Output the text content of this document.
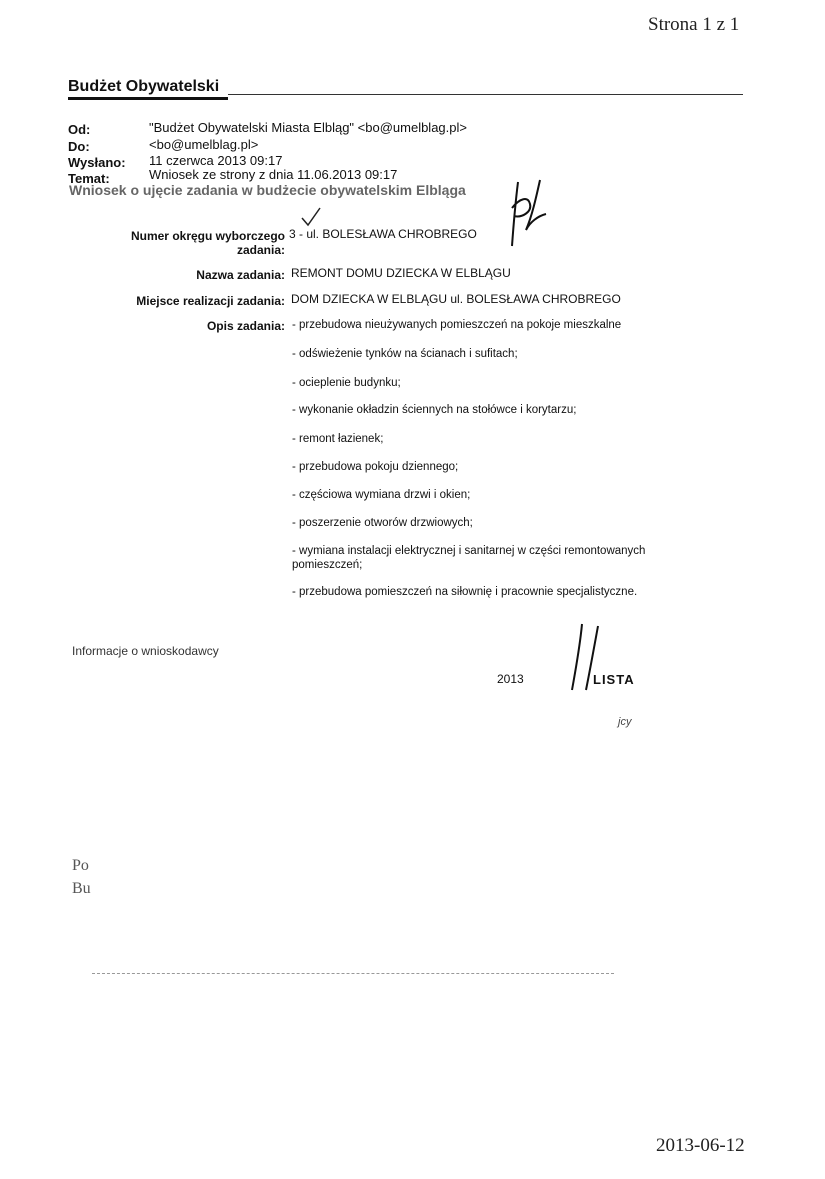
Strona 1 z 1
Budżet Obywatelski
Od:	"Budżet Obywatelski Miasta Elbląg" <bo@umelblag.pl>
Do:	<bo@umelblag.pl>
Wysłano: 11 czerwca 2013 09:17
Temat:	Wniosek ze strony z dnia 11.06.2013 09:17
Wniosek o ujęcie zadania w budżecie obywatelskim Elbląga
Numer okręgu wyborczego
zadania:
3 - ul. BOLESŁAWA CHROBREGO
Nazwa zadania: REMONT DOMU DZIECKA W ELBLĄGU
Miejsce realizacji zadania: DOM DZIECKA W ELBLĄGU ul. BOLESŁAWA CHROBREGO
Opis zadania: - przebudowa nieużywanych pomieszczeń na pokoje mieszkalne
- odświeżenie tynków na ścianach i sufitach;
- ocieplenie budynku;
- wykonanie okładzin ściennych na stołówce i korytarzu;
- remont łazienek;
- przebudowa pokoju dziennego;
- częściowa wymiana drzwi i okien;
- poszerzenie otworów drzwiowych;
- wymiana instalacji elektrycznej i sanitarnej w części remontowanych pomieszczeń;
- przebudowa pomieszczeń na siłownię i pracownie specjalistyczne.
Informacje o wnioskodawcy
2013	LISTA
jcy
Po
Bu
2013-06-12
